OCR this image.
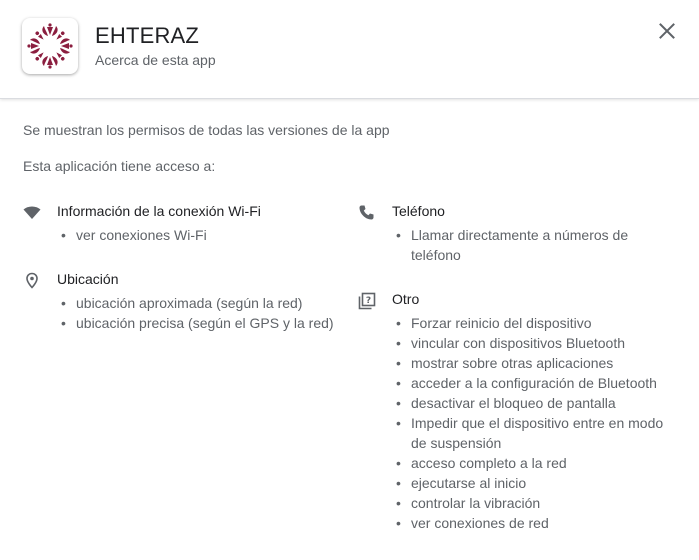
EHTERAZ
Acerca de esta app
Se muestran los permisos de todas las versiones de la app
Esta aplicación tiene acceso a:
Información de la conexión Wi-Fi
• ver conexiones Wi-Fi
Ubicación
• ubicación aproximada (según la red)
• ubicación precisa (según el GPS y la red)
Teléfono
• Llamar directamente a números de teléfono
? Otro
• Forzar reinicio del dispositivo
• vincular con dispositivos Bluetooth
• mostrar sobre otras aplicaciones
• acceder a la configuración de Bluetooth
• desactivar el bloqueo de pantalla
• Impedir que el dispositivo entre en modo de suspensión
• acceso completo a la red
• ejecutarse al inicio
• controlar la vibración
• ver conexiones de red
